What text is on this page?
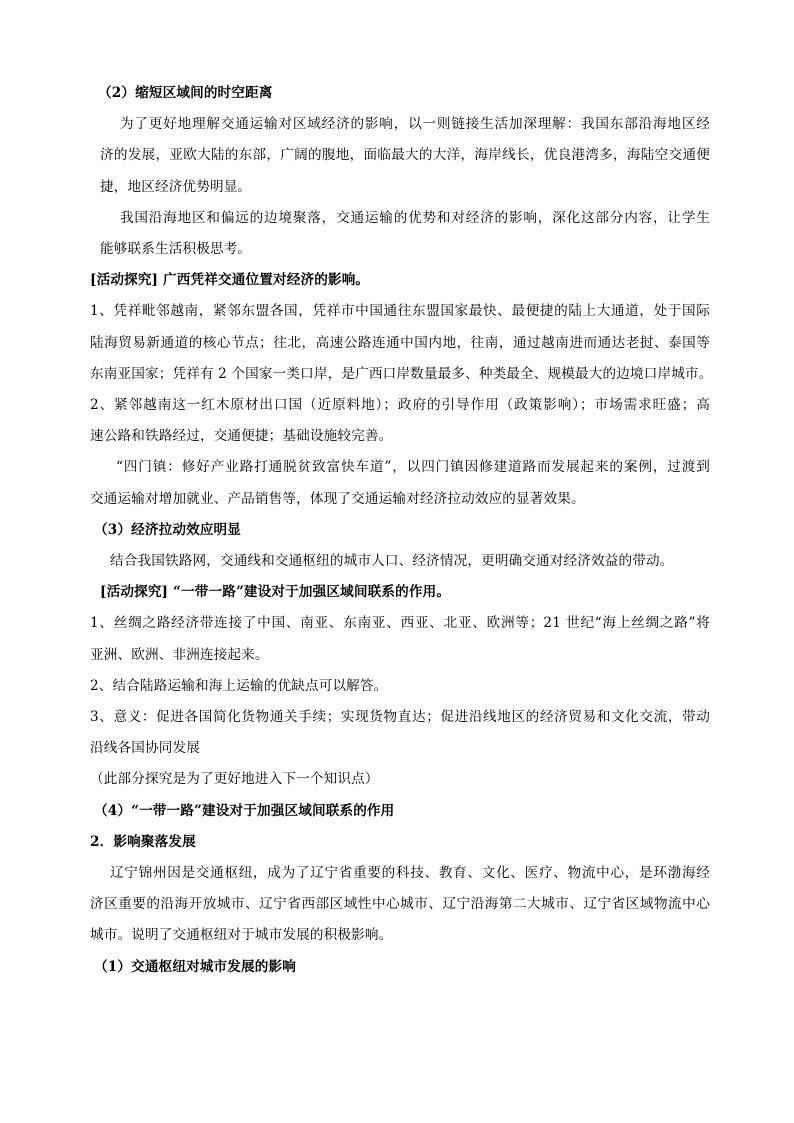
（2）缩短区域间的时空距离
为了更好地理解交通运输对区域经济的影响，以一则链接生活加深理解：我国东部沿海地区经
济的发展，亚欧大陆的东部，广阔的腹地，面临最大的大洋，海岸线长，优良港湾多，海陆空交通便
捷，地区经济优势明显。
我国沿海地区和偏远的边境聚落，交通运输的优势和对经济的影响，深化这部分内容，让学生
能够联系生活积极思考。
[活动探究] 广西凭祥交通位置对经济的影响。
1、凭祥毗邻越南，紧邻东盟各国，凭祥市中国通往东盟国家最快、最便捷的陆上大通道，处于国际
陆海贸易新通道的核心节点；往北，高速公路连通中国内地，往南，通过越南进而通达老挝、泰国等
东南亚国家；凭祥有 2 个国家一类口岸，是广西口岸数量最多、种类最全、规模最大的边境口岸城市。
2、紧邻越南这一红木原材出口国（近原料地）；政府的引导作用（政策影响）；市场需求旺盛；高
速公路和铁路经过，交通便捷；基础设施较完善。
“四门镇：修好产业路打通脱贫致富快车道”，以四门镇因修建道路而发展起来的案例，过渡到
交通运输对增加就业、产品销售等，体现了交通运输对经济拉动效应的显著效果。
（3）经济拉动效应明显
结合我国铁路网，交通线和交通枢纽的城市人口、经济情况，更明确交通对经济效益的带动。
[活动探究] “一带一路”建设对于加强区域间联系的作用。
1、丝绸之路经济带连接了中国、南亚、东南亚、西亚、北亚、欧洲等；21 世纪“海上丝绸之路”将
亚洲、欧洲、非洲连接起来。
2、结合陆路运输和海上运输的优缺点可以解答。
3、意义：促进各国简化货物通关手续；实现货物直达；促进沿线地区的经济贸易和文化交流，带动
沿线各国协同发展
（此部分探究是为了更好地进入下一个知识点）
（4）“一带一路”建设对于加强区域间联系的作用
2．影响聚落发展
辽宁锦州因是交通枢纽，成为了辽宁省重要的科技、教育、文化、医疗、物流中心，是环渤海经
济区重要的沿海开放城市、辽宁省西部区域性中心城市、辽宁沿海第二大城市、辽宁省区域物流中心
城市。说明了交通枢纽对于城市发展的积极影响。
（1）交通枢纽对城市发展的影响
